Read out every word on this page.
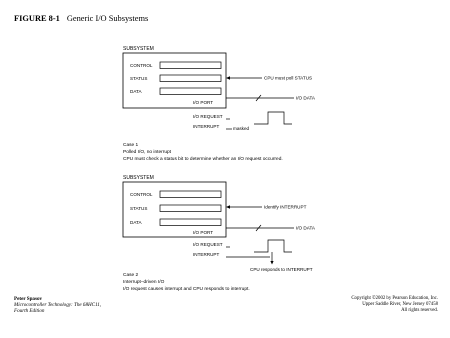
FIGURE 8-1 Generic I/O Subsystems
SUBSYSTEM
CONTROL
STATUS
DATA
I/O PORT
CPU must poll STATUS
I/O DATA
I/O REQUEST
INTERRUPT	masked
Case 1
Polled I/O, no interrupt
CPU must check a status bit to determine whether an I/O request occurred.
SUBSYSTEM
CONTROL
STATUS
DATA
I/O PORT
Identify INTERRUPT
I/O DATA
I/O REQUEST
INTERRUPT
CPU responds to INTERRUPT
Case 2
Interrupt–driven I/O
I/O request causes interrupt and CPU responds to interrupt.
Peter Spasov
Microcontroller Technology: The 68HC11,
Fourth Edition
Copyright ©2002 by Pearson Education, Inc.
Upper Saddle River, New Jersey 07458
All rights reserved.
